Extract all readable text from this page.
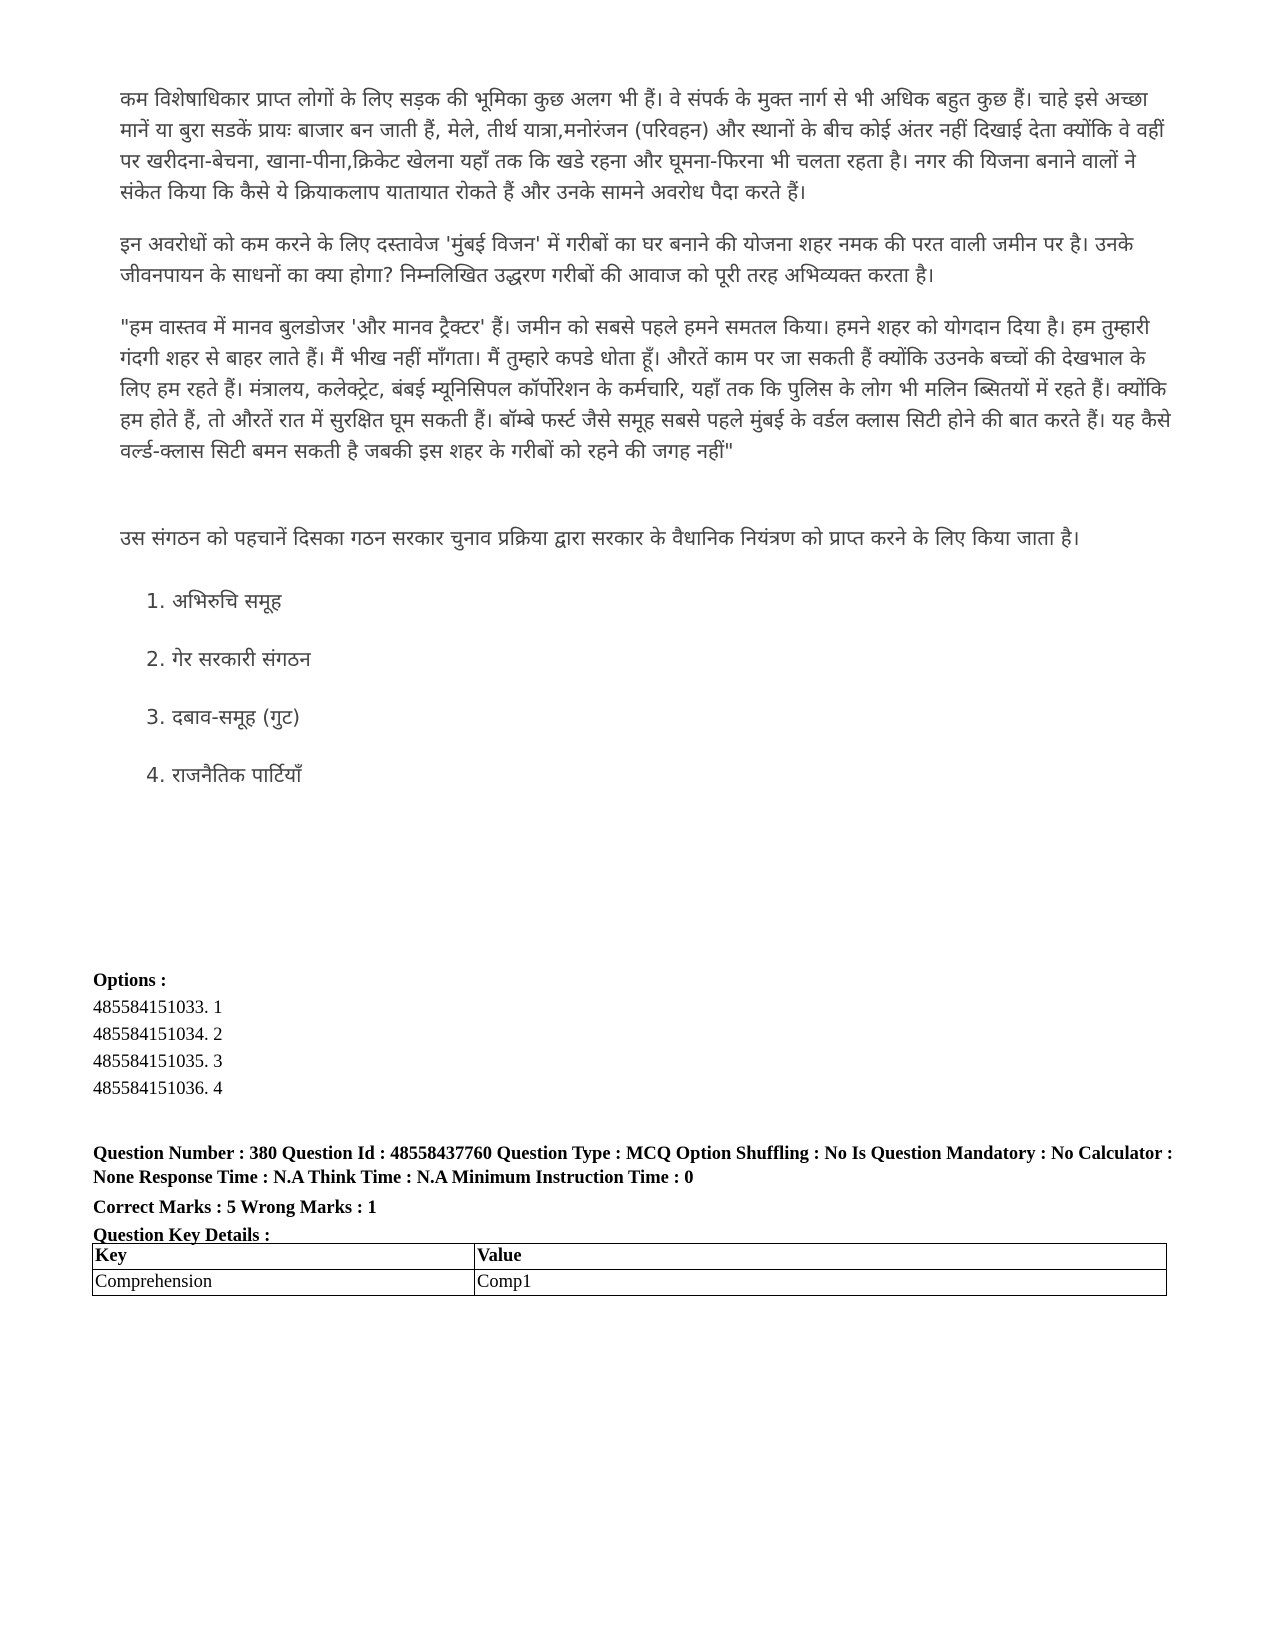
कम विशेषाधिकार प्राप्त लोगों के लिए सड़क की भूमिका कुछ अलग भी हैं। वे संपर्क के मुक्त नार्ग से भी अधिक बहुत कुछ हैं। चाहे इसे अच्छा मानें या बुरा सडकें प्रायः बाजार बन जाती हैं, मेले, तीर्थ यात्रा,मनोरंजन (परिवहन) और स्थानों के बीच कोई अंतर नहीं दिखाई देता क्योंकि वे वहीं पर खरीदना-बेचना, खाना-पीना,क्रिकेट खेलना यहाँ तक कि खडे रहना और घूमना-फिरना भी चलता रहता है। नगर की यिजना बनाने वालों ने संकेत किया कि कैसे ये क्रियाकलाप यातायात रोकते हैं और उनके सामने अवरोध पैदा करते हैं।

इन अवरोधों को कम करने के लिए दस्तावेज 'मुंबई विजन' में गरीबों का घर बनाने की योजना शहर नमक की परत वाली जमीन पर है। उनके जीवनपायन के साधनों का क्या होगा? निम्नलिखित उद्धरण गरीबों की आवाज को पूरी तरह अभिव्यक्त करता है।

"हम वास्तव में मानव बुलडोजर 'और मानव ट्रैक्टर' हैं। जमीन को सबसे पहले हमने समतल किया। हमने शहर को योगदान दिया है। हम तुम्हारी गंदगी शहर से बाहर लाते हैं। मैं भीख नहीं माँगता। मैं तुम्हारे कपडे धोता हूँ। औरतें काम पर जा सकती हैं क्योंकि उउनके बच्चों की देखभाल के लिए हम रहते हैं। मंत्रालय, कलेक्ट्रेट, बंबई म्यूनिसिपल कॉर्पोरेशन के कर्मचारि, यहाँ तक कि पुलिस के लोग भी मलिन ब्सितयों में रहते हैं। क्योंकि हम होते हैं, तो औरतें रात में सुरक्षित घूम सकती हैं। बॉम्बे फर्स्ट जैसे समूह सबसे पहले मुंबई के वर्डल क्लास सिटी होने की बात करते हैं। यह कैसे वर्ल्ड-क्लास सिटी बमन सकती है जबकी इस शहर के गरीबों को रहने की जगह नहीं"

उस संगठन को पहचानें दिसका गठन सरकार चुनाव प्रक्रिया द्वारा सरकार के वैधानिक नियंत्रण को प्राप्त करने के लिए किया जाता है।

1. अभिरुचि समूह
2. गेर सरकारी संगठन
3. दबाव-समूह (गुट)
4. राजनैतिक पार्टियाँ
Options :
485584151033. 1
485584151034. 2
485584151035. 3
485584151036. 4
Question Number : 380 Question Id : 48558437760 Question Type : MCQ Option Shuffling : No Is Question Mandatory : No Calculator : None Response Time : N.A Think Time : N.A Minimum Instruction Time : 0
Correct Marks : 5 Wrong Marks : 1
Question Key Details :
Key	Value
Comprehension	Comp1
